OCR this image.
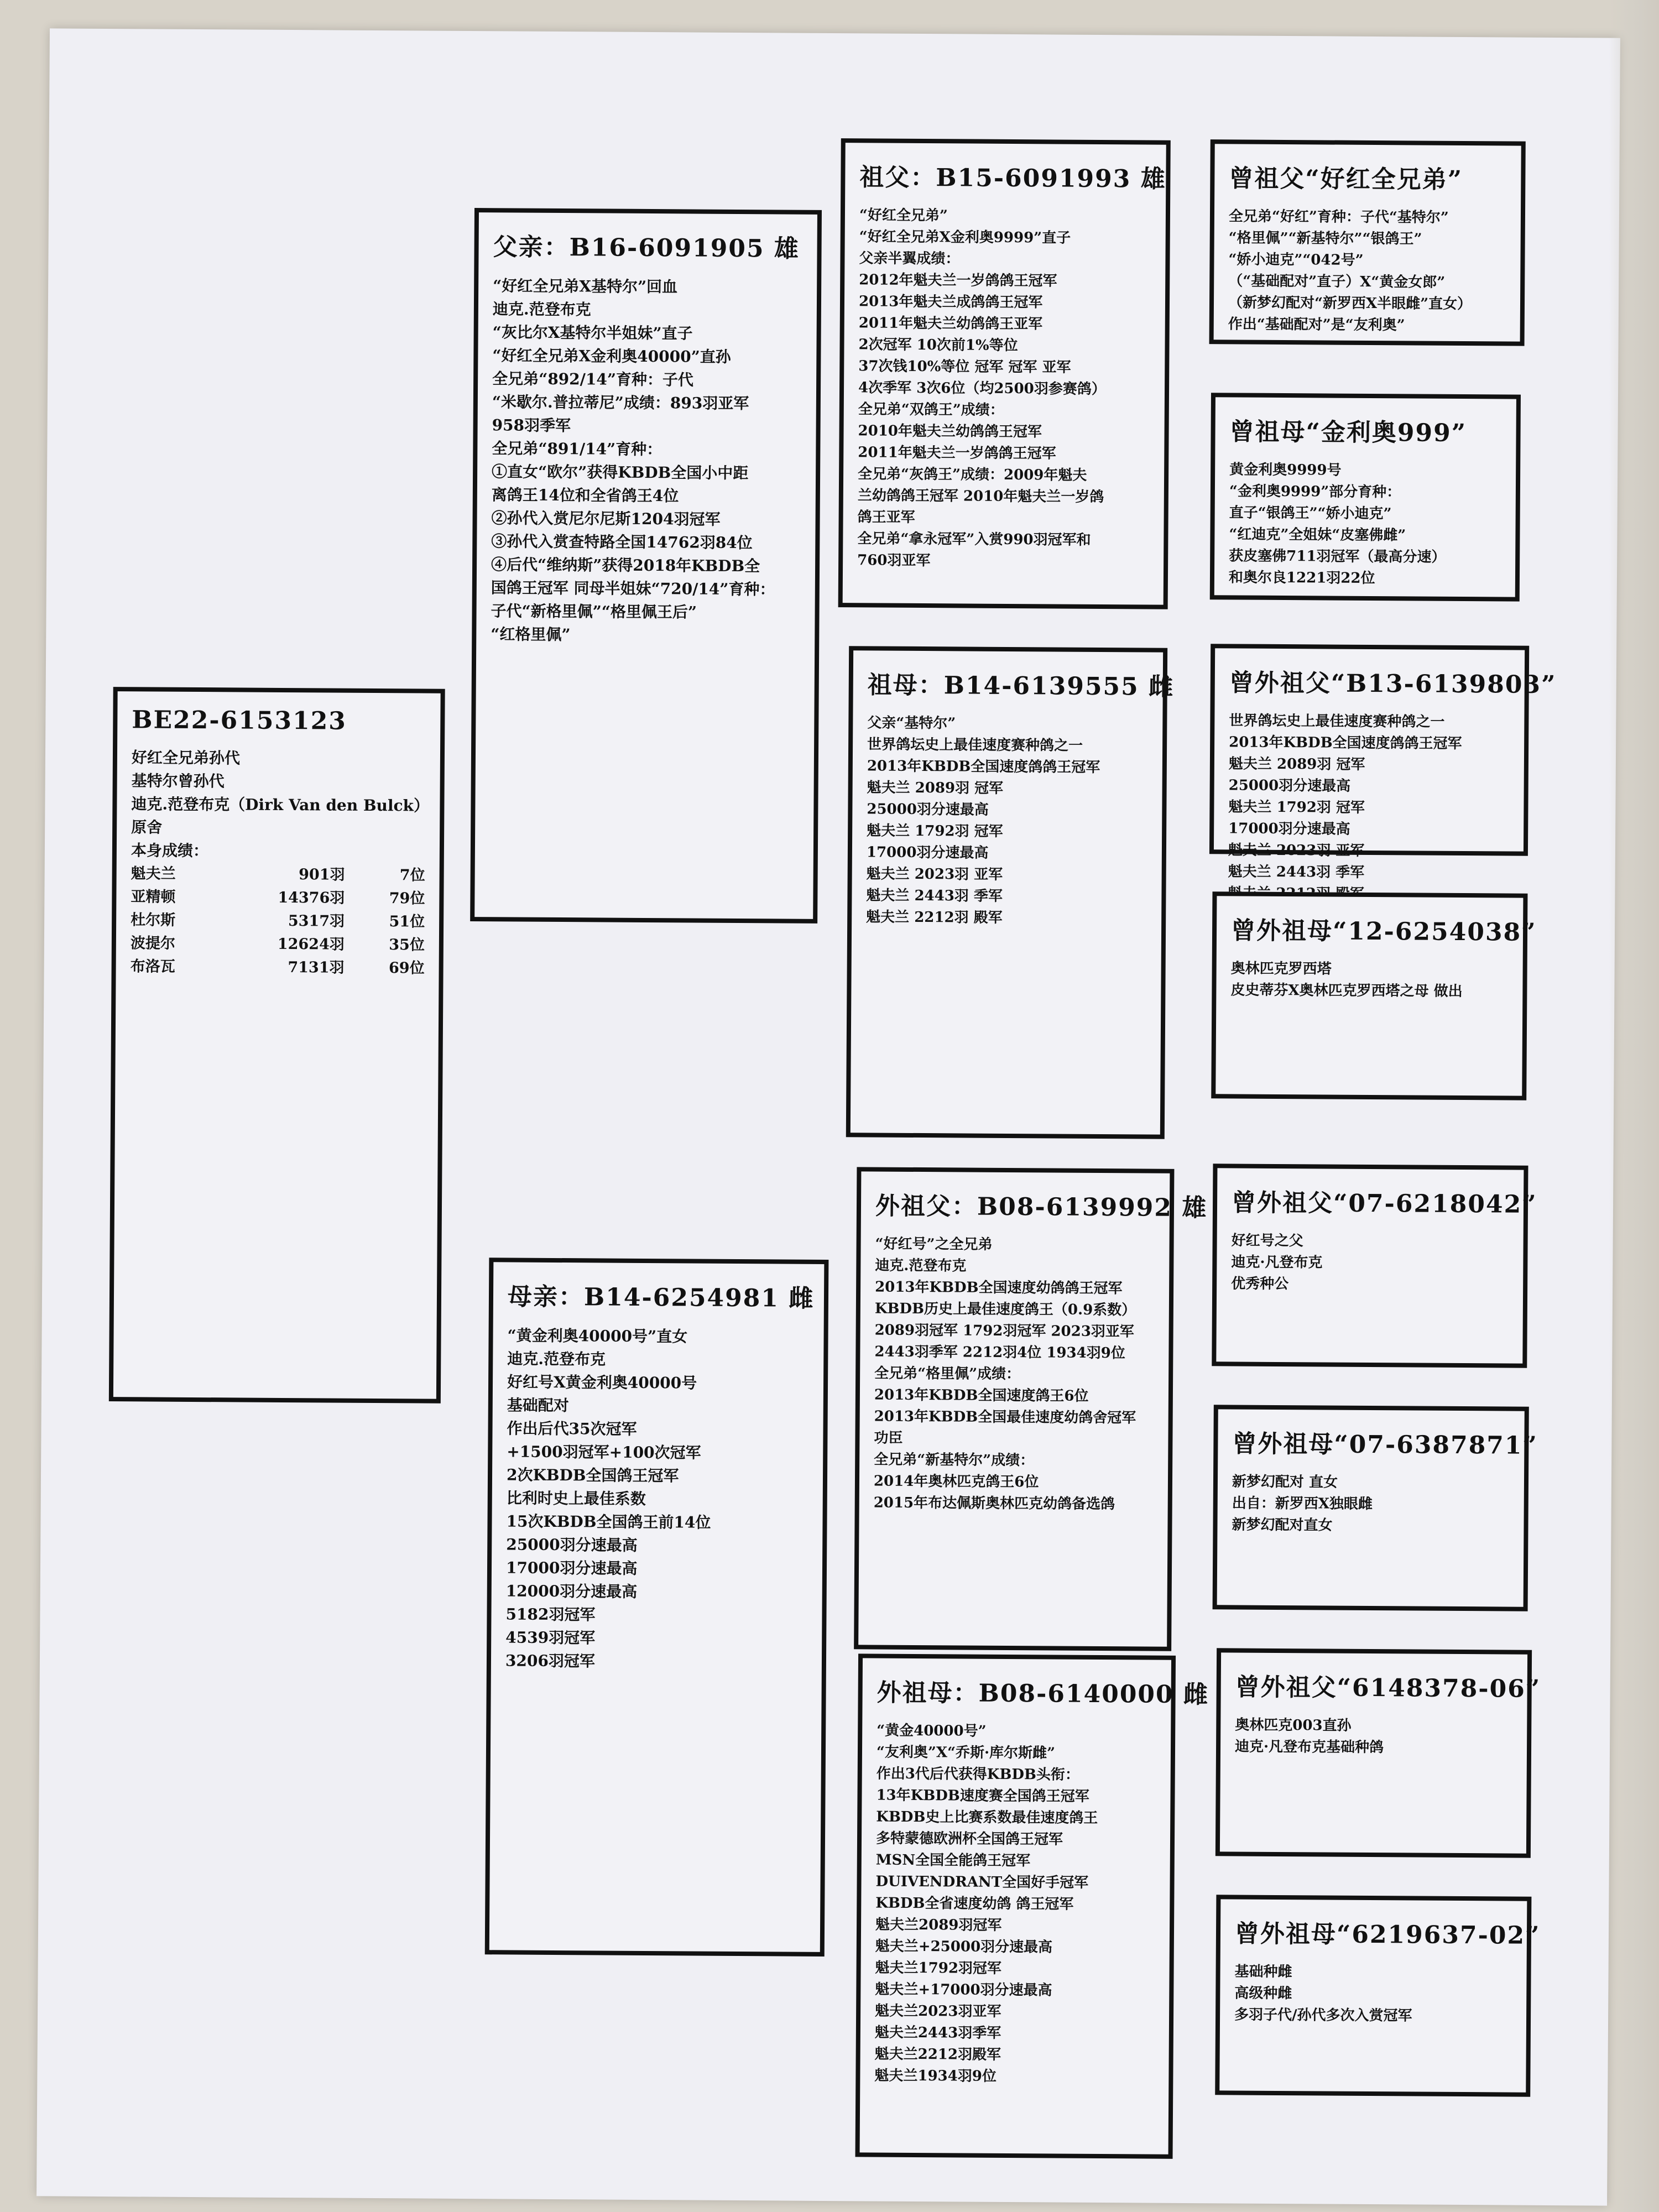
BE22-6153123
好红全兄弟孙代
基特尔曾孙代
迪克.范登布克（Dirk Van den Bulck）
原舍
本身成绩：
魁夫兰	901羽	7位
亚精顿	14376羽	79位
杜尔斯	5317羽	51位
波提尔	12624羽	35位
布洛瓦	7131羽	69位
父亲：B16-6091905 雄
“好红全兄弟X基特尔”回血
迪克.范登布克
“灰比尔X基特尔半姐妹”直子
“好红全兄弟X金利奥40000”直孙
全兄弟“892/14”育种：子代
“米歇尔.普拉蒂尼”成绩：893羽亚军
958羽季军
全兄弟“891/14”育种：
①直女“欧尔”获得KBDB全国小中距
离鸽王14位和全省鸽王4位
②孙代入赏尼尔尼斯1204羽冠军
③孙代入赏查特路全国14762羽84位
④后代“维纳斯”获得2018年KBDB全
国鸽王冠军 同母半姐妹“720/14”育种：
子代“新格里佩”“格里佩王后”
“红格里佩”
母亲：B14-6254981 雌
“黄金利奥40000号”直女
迪克.范登布克
好红号X黄金利奥40000号
基础配对
作出后代35次冠军
+1500羽冠军+100次冠军
2次KBDB全国鸽王冠军
比利时史上最佳系数
15次KBDB全国鸽王前14位
25000羽分速最高
17000羽分速最高
12000羽分速最高
5182羽冠军
4539羽冠军
3206羽冠军
祖父：B15-6091993 雄
“好红全兄弟”
“好红全兄弟X金利奥9999”直子
父亲半翼成绩：
2012年魁夫兰一岁鸽鸽王冠军
2013年魁夫兰成鸽鸽王冠军
2011年魁夫兰幼鸽鸽王亚军
2次冠军 10次前1%等位
37次钱10%等位 冠军 冠军 亚军
4次季军 3次6位（均2500羽参赛鸽）
全兄弟“双鸽王”成绩：
2010年魁夫兰幼鸽鸽王冠军
2011年魁夫兰一岁鸽鸽王冠军
全兄弟“灰鸽王”成绩：2009年魁夫
兰幼鸽鸽王冠军 2010年魁夫兰一岁鸽
鸽王亚军
全兄弟“拿永冠军”入赏990羽冠军和
760羽亚军
祖母：B14-6139555 雌
父亲“基特尔”
世界鸽坛史上最佳速度赛种鸽之一
2013年KBDB全国速度鸽鸽王冠军
魁夫兰 2089羽 冠军
25000羽分速最高
魁夫兰 1792羽 冠军
17000羽分速最高
魁夫兰 2023羽 亚军
魁夫兰 2443羽 季军
魁夫兰 2212羽 殿军
外祖父：B08-6139992 雄
“好红号”之全兄弟
迪克.范登布克
2013年KBDB全国速度幼鸽鸽王冠军
KBDB历史上最佳速度鸽王（0.9系数）
2089羽冠军 1792羽冠军 2023羽亚军
2443羽季军 2212羽4位 1934羽9位
全兄弟“格里佩”成绩：
2013年KBDB全国速度鸽王6位
2013年KBDB全国最佳速度幼鸽舍冠军
功臣
全兄弟“新基特尔”成绩：
2014年奥林匹克鸽王6位
2015年布达佩斯奥林匹克幼鸽备选鸽
外祖母：B08-6140000 雌
“黄金40000号”
“友利奥”X“乔斯·库尔斯雌”
作出3代后代获得KBDB头衔：
13年KBDB速度赛全国鸽王冠军
KBDB史上比赛系数最佳速度鸽王
多特蒙德欧洲杯全国鸽王冠军
MSN全国全能鸽王冠军
DUIVENDRANT全国好手冠军
KBDB全省速度幼鸽 鸽王冠军
魁夫兰2089羽冠军
魁夫兰+25000羽分速最高
魁夫兰1792羽冠军
魁夫兰+17000羽分速最高
魁夫兰2023羽亚军
魁夫兰2443羽季军
魁夫兰2212羽殿军
魁夫兰1934羽9位
曾祖父“好红全兄弟”
全兄弟“好红”育种：子代“基特尔”
“格里佩”“新基特尔”“银鸽王”
“娇小迪克”“042号”
（“基础配对”直子）X“黄金女郎”
（新梦幻配对“新罗西X半眼雌”直女）
作出“基础配对”是“友利奥”
曾祖母“金利奥999”
黄金利奥9999号
“金利奥9999”部分育种：
直子“银鸽王”“娇小迪克”
“红迪克”全姐妹“皮塞佛雌”
获皮塞佛711羽冠军（最高分速）
和奥尔良1221羽22位
曾外祖父“B13-6139803”
世界鸽坛史上最佳速度赛种鸽之一
2013年KBDB全国速度鸽鸽王冠军
魁夫兰 2089羽 冠军
25000羽分速最高
魁夫兰 1792羽 冠军
17000羽分速最高
魁夫兰 2023羽 亚军
魁夫兰 2443羽 季军
曾外祖母“12-6254038”
奥林匹克罗西塔
皮史蒂芬X奥林匹克罗西塔之母 做出
曾外祖父“07-6218042”
好红号之父
迪克·凡登布克
优秀种公
曾外祖母“07-6387871”
新梦幻配对 直女
出自：新罗西X独眼雌
新梦幻配对直女
曾外祖父“6148378-06”
奥林匹克003直孙
迪克·凡登布克基础种鸽
曾外祖母“6219637-02”
基础种雌
高级种雌
多羽子代/孙代多次入赏冠军
